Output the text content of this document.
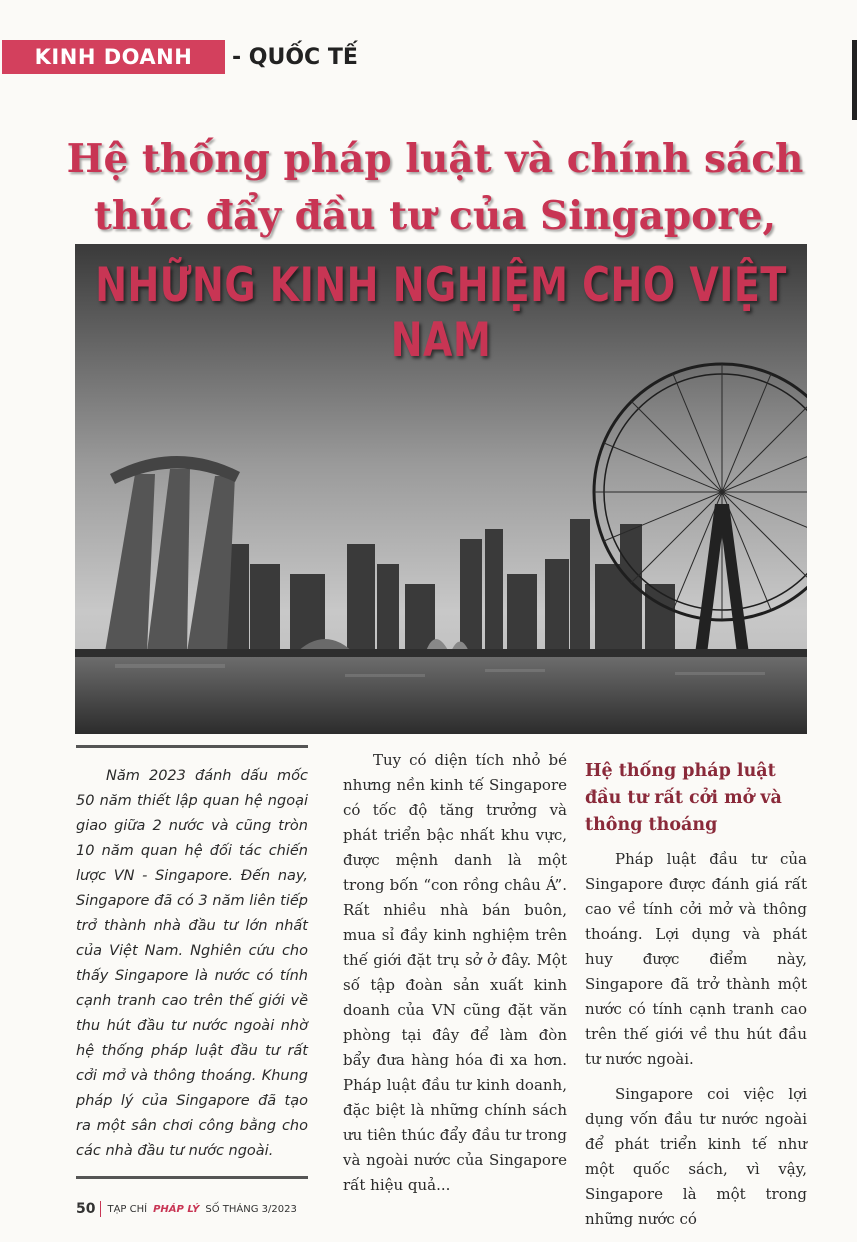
KINH DOANH	- QUỐC TẾ
Hệ thống pháp luật và chính sách
thúc đẩy đầu tư của Singapore,
NHỮNG KINH NGHIỆM CHO VIỆT NAM

Năm 2023 đánh dấu mốc 50 năm thiết lập quan hệ ngoại giao giữa 2 nước và cũng tròn 10 năm quan hệ đối tác chiến lược VN - Singapore. Đến nay, Singapore đã có 3 năm liên tiếp trở thành nhà đầu tư lớn nhất của Việt Nam. Nghiên cứu cho thấy Singapore là nước có tính cạnh tranh cao trên thế giới về thu hút đầu tư nước ngoài nhờ hệ thống pháp luật đầu tư rất cởi mở và thông thoáng. Khung pháp lý của Singapore đã tạo ra một sân chơi công bằng cho các nhà đầu tư nước ngoài.

Tuy có diện tích nhỏ bé nhưng nền kinh tế Singapore có tốc độ tăng trưởng và phát triển bậc nhất khu vực, được mệnh danh là một trong bốn “con rồng châu Á”. Rất nhiều nhà bán buôn, mua sỉ đầy kinh nghiệm trên thế giới đặt trụ sở ở đây. Một số tập đoàn sản xuất kinh doanh của VN cũng đặt văn phòng tại đây để làm đòn bẩy đưa hàng hóa đi xa hơn. Pháp luật đầu tư kinh doanh, đặc biệt là những chính sách ưu tiên thúc đẩy đầu tư trong và ngoài nước của Singapore rất hiệu quả...

Hệ thống pháp luật đầu tư rất cởi mở và thông thoáng

Pháp luật đầu tư của Singapore được đánh giá rất cao về tính cởi mở và thông thoáng. Lợi dụng và phát huy được điểm này, Singapore đã trở thành một nước có tính cạnh tranh cao trên thế giới về thu hút đầu tư nước ngoài.

Singapore coi việc lợi dụng vốn đầu tư nước ngoài để phát triển kinh tế như một quốc sách, vì vậy, Singapore là một trong những nước có

50	TẠP CHÍ PHÁP LÝ SỐ THÁNG 3/2023
